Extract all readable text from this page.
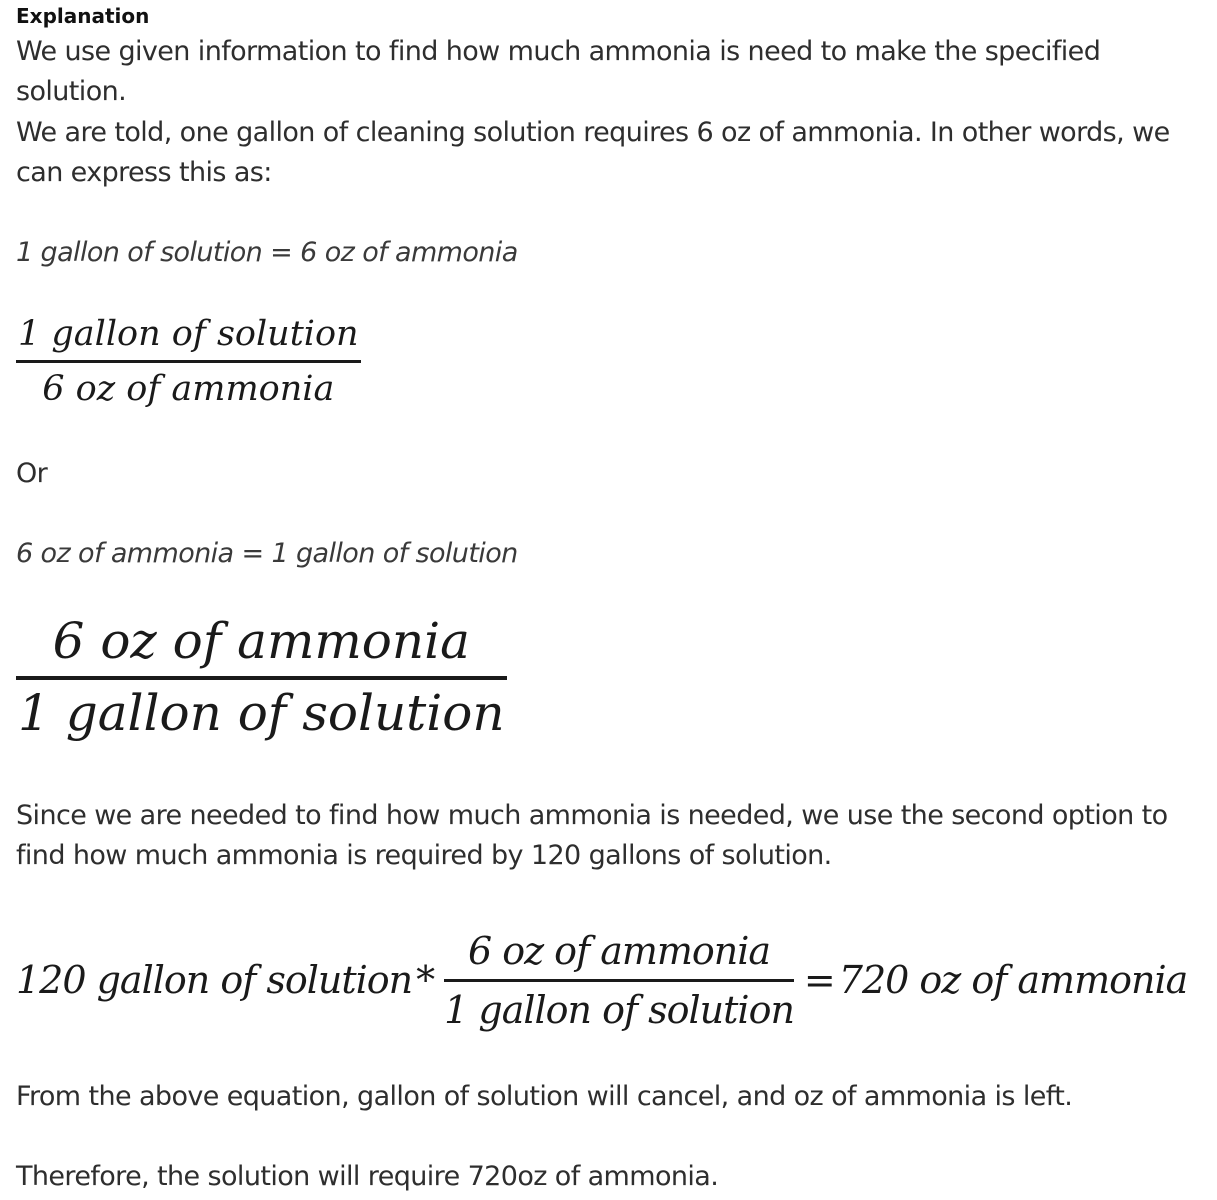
Explanation
We use given information to find how much ammonia is need to make the specified solution.
We are told, one gallon of cleaning solution requires 6 oz of ammonia. In other words, we can express this as:
1 gallon of solution = 6 oz of ammonia
1 gallon of solution
6 oz of ammonia
Or
6 oz of ammonia = 1 gallon of solution
6 oz of ammonia
1 gallon of solution
Since we are needed to find how much ammonia is needed, we use the second option to find how much ammonia is required by 120 gallons of solution.
120 gallon of solution * $\frac{\text{6 oz of ammonia}}{\text{1 gallon of solution}} = 720$ oz of ammonia
From the above equation, gallon of solution will cancel, and oz of ammonia is left.
Therefore, the solution will require 720oz of ammonia.
